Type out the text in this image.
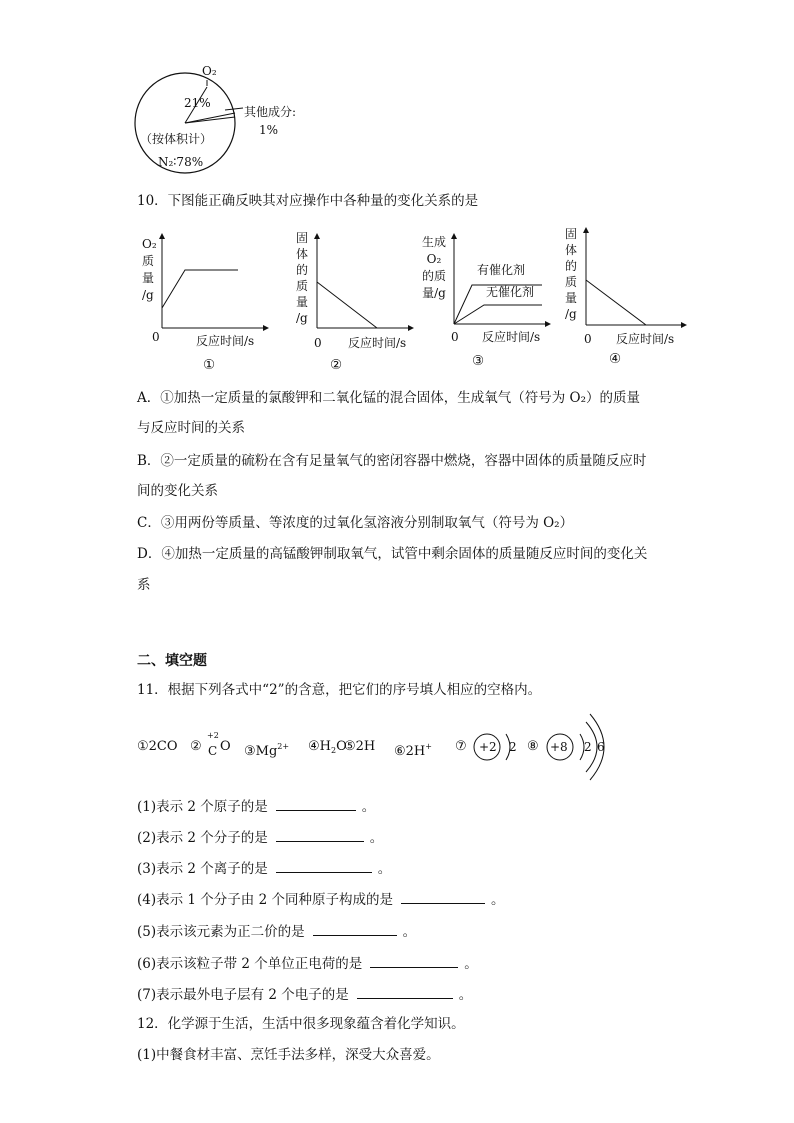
O₂
21%
其他成分:
1%
（按体积计）
N₂∶78%
10．下图能正确反映其对应操作中各种量的变化关系的是
O₂
质
量
/g
0	反应时间/s
①
固
体
的
质
量
/g
0 反应时间/s
②
生成
O₂
的质
量/g
有催化剂
无催化剂
0 反应时间/s
③
固
体
的
质
量
/g
0 反应时间/s
④
A．①加热一定质量的氯酸钾和二氧化锰的混合固体，生成氧气（符号为 O₂）的质量
与反应时间的关系
B．②一定质量的硫粉在含有足量氧气的密闭容器中燃烧，容器中固体的质量随反应时
间的变化关系
C．③用两份等质量、等浓度的过氧化氢溶液分别制取氧气（符号为 O₂）
D．④加热一定质量的高锰酸钾制取氧气，试管中剩余固体的质量随反应时间的变化关
系
二、填空题
11．根据下列各式中“2”的含意，把它们的序号填人相应的空格内。
①2CO ②
+2
C O $③Mg^{2+}$ $④H_2O$
⑤2H ⑥2H+ ⑦ +2 2 ⑧ +8 2 6
(1)表示 2 个原子的是	。
(2)表示 2 个分子的是	。
(3)表示 2 个离子的是	。
(4)表示 1 个分子由 2 个同种原子构成的是	。
(5)表示该元素为正二价的是	。
(6)表示该粒子带 2 个单位正电荷的是	。
(7)表示最外电子层有 2 个电子的是	。
12．化学源于生活，生活中很多现象蕴含着化学知识。
(1)中餐食材丰富、烹饪手法多样，深受大众喜爱。
